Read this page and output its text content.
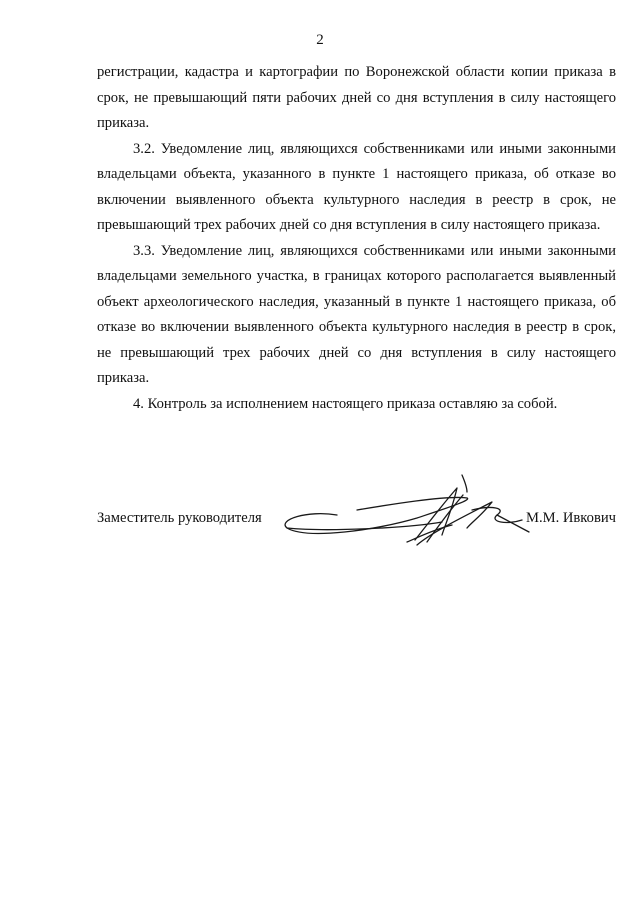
2

регистрации, кадастра и картографии по Воронежской области копии приказа в срок, не превышающий пяти рабочих дней со дня вступления в силу настоящего приказа.

3.2. Уведомление лиц, являющихся собственниками или иными законными владельцами объекта, указанного в пункте 1 настоящего приказа, об отказе во включении выявленного объекта культурного наследия в реестр в срок, не превышающий трех рабочих дней со дня вступления в силу настоящего приказа.

3.3. Уведомление лиц, являющихся собственниками или иными законными владельцами земельного участка, в границах которого располагается выявленный объект археологического наследия, указанный в пункте 1 настоящего приказа, об отказе во включении выявленного объекта культурного наследия в реестр в срок, не превышающий трех рабочих дней со дня вступления в силу настоящего приказа.

4. Контроль за исполнением настоящего приказа оставляю за собой.

Заместитель руководителя	М.М. Ивкович
